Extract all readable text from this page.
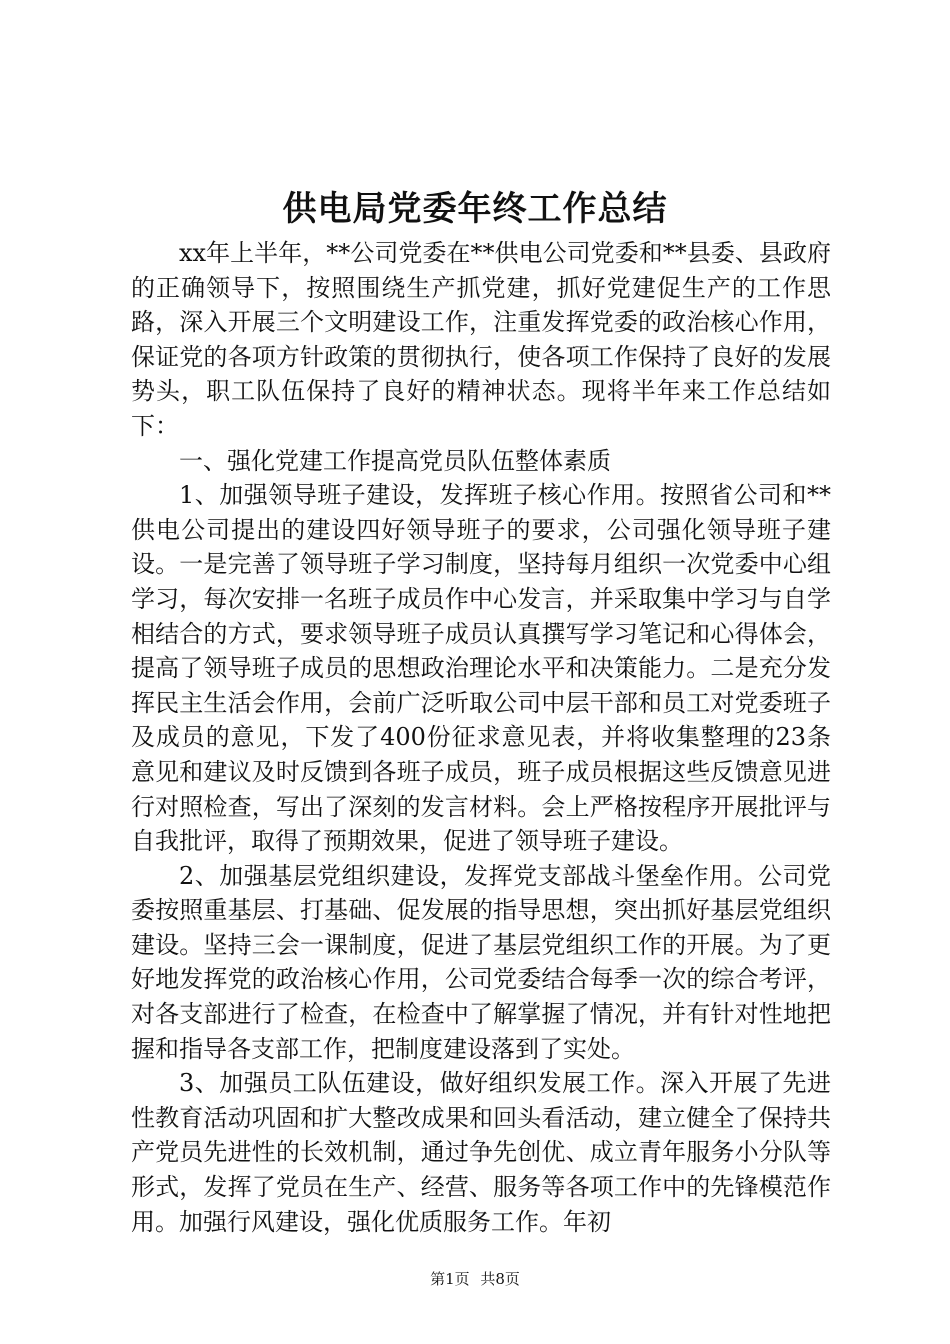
供电局党委年终工作总结

xx年上半年，**公司党委在**供电公司党委和**县委、县政府的正确领导下，按照围绕生产抓党建，抓好党建促生产的工作思路，深入开展三个文明建设工作，注重发挥党委的政治核心作用，保证党的各项方针政策的贯彻执行，使各项工作保持了良好的发展势头，职工队伍保持了良好的精神状态。现将半年来工作总结如下：

一、强化党建工作提高党员队伍整体素质

1、加强领导班子建设，发挥班子核心作用。按照省公司和**供电公司提出的建设四好领导班子的要求，公司强化领导班子建设。一是完善了领导班子学习制度，坚持每月组织一次党委中心组学习，每次安排一名班子成员作中心发言，并采取集中学习与自学相结合的方式，要求领导班子成员认真撰写学习笔记和心得体会，提高了领导班子成员的思想政治理论水平和决策能力。二是充分发挥民主生活会作用，会前广泛听取公司中层干部和员工对党委班子及成员的意见，下发了400份征求意见表，并将收集整理的23条意见和建议及时反馈到各班子成员，班子成员根据这些反馈意见进行对照检查，写出了深刻的发言材料。会上严格按程序开展批评与自我批评，取得了预期效果，促进了领导班子建设。

2、加强基层党组织建设，发挥党支部战斗堡垒作用。公司党委按照重基层、打基础、促发展的指导思想，突出抓好基层党组织建设。坚持三会一课制度，促进了基层党组织工作的开展。为了更好地发挥党的政治核心作用，公司党委结合每季一次的综合考评，对各支部进行了检查，在检查中了解掌握了情况，并有针对性地把握和指导各支部工作，把制度建设落到了实处。

3、加强员工队伍建设，做好组织发展工作。深入开展了先进性教育活动巩固和扩大整改成果和回头看活动，建立健全了保持共产党员先进性的长效机制，通过争先创优、成立青年服务小分队等形式，发挥了党员在生产、经营、服务等各项工作中的先锋模范作用。加强行风建设，强化优质服务工作。年初

第1页 共8页
